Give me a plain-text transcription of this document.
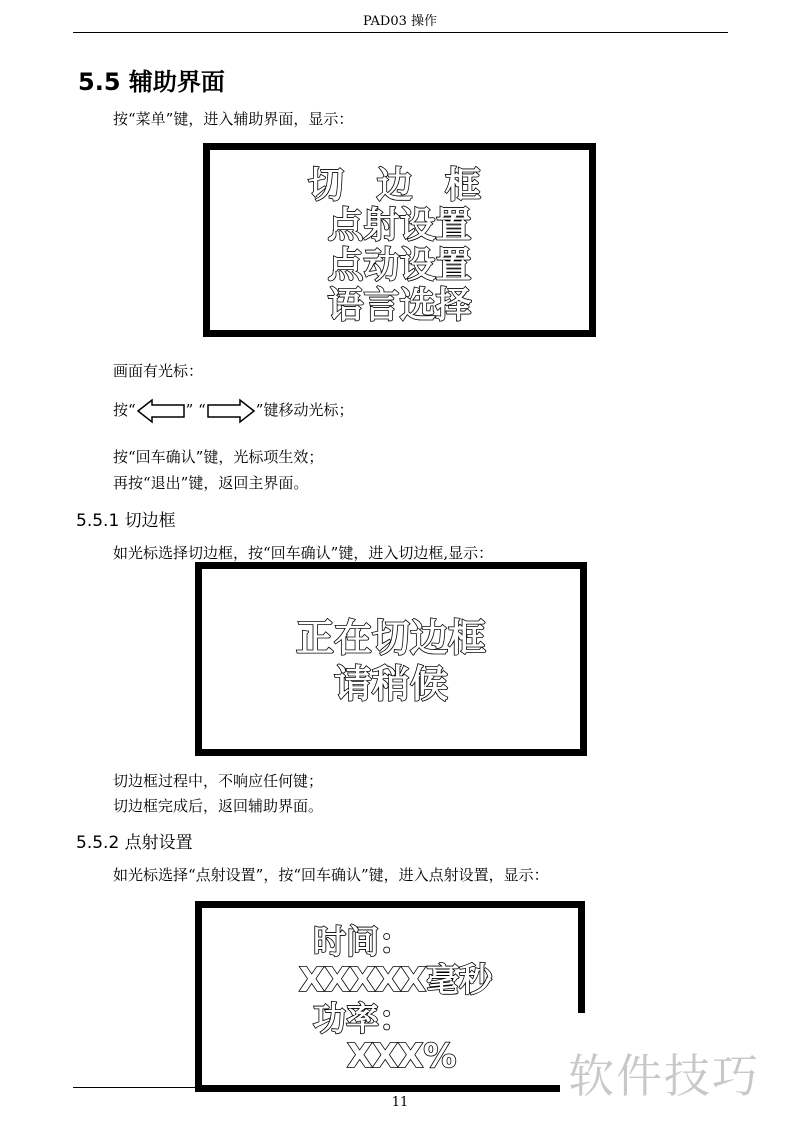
PAD03 操作
5.5 辅助界面
按“菜单”键，进入辅助界面，显示：
切 边 框
点射设置
点动设置
语言选择
画面有光标：
按“	” “	”键移动光标；
按“回车确认”键，光标项生效；
再按“退出”键，返回主界面。
5.5.1 切边框
如光标选择切边框，按“回车确认”键，进入切边框,显示：
正在切边框
请稍候
切边框过程中，不响应任何键；
切边框完成后，返回辅助界面。
5.5.2 点射设置
如光标选择“点射设置”，按“回车确认”键，进入点射设置，显示：
时间：
XXXXX毫秒
功率：
XXX%
11	软件技巧
